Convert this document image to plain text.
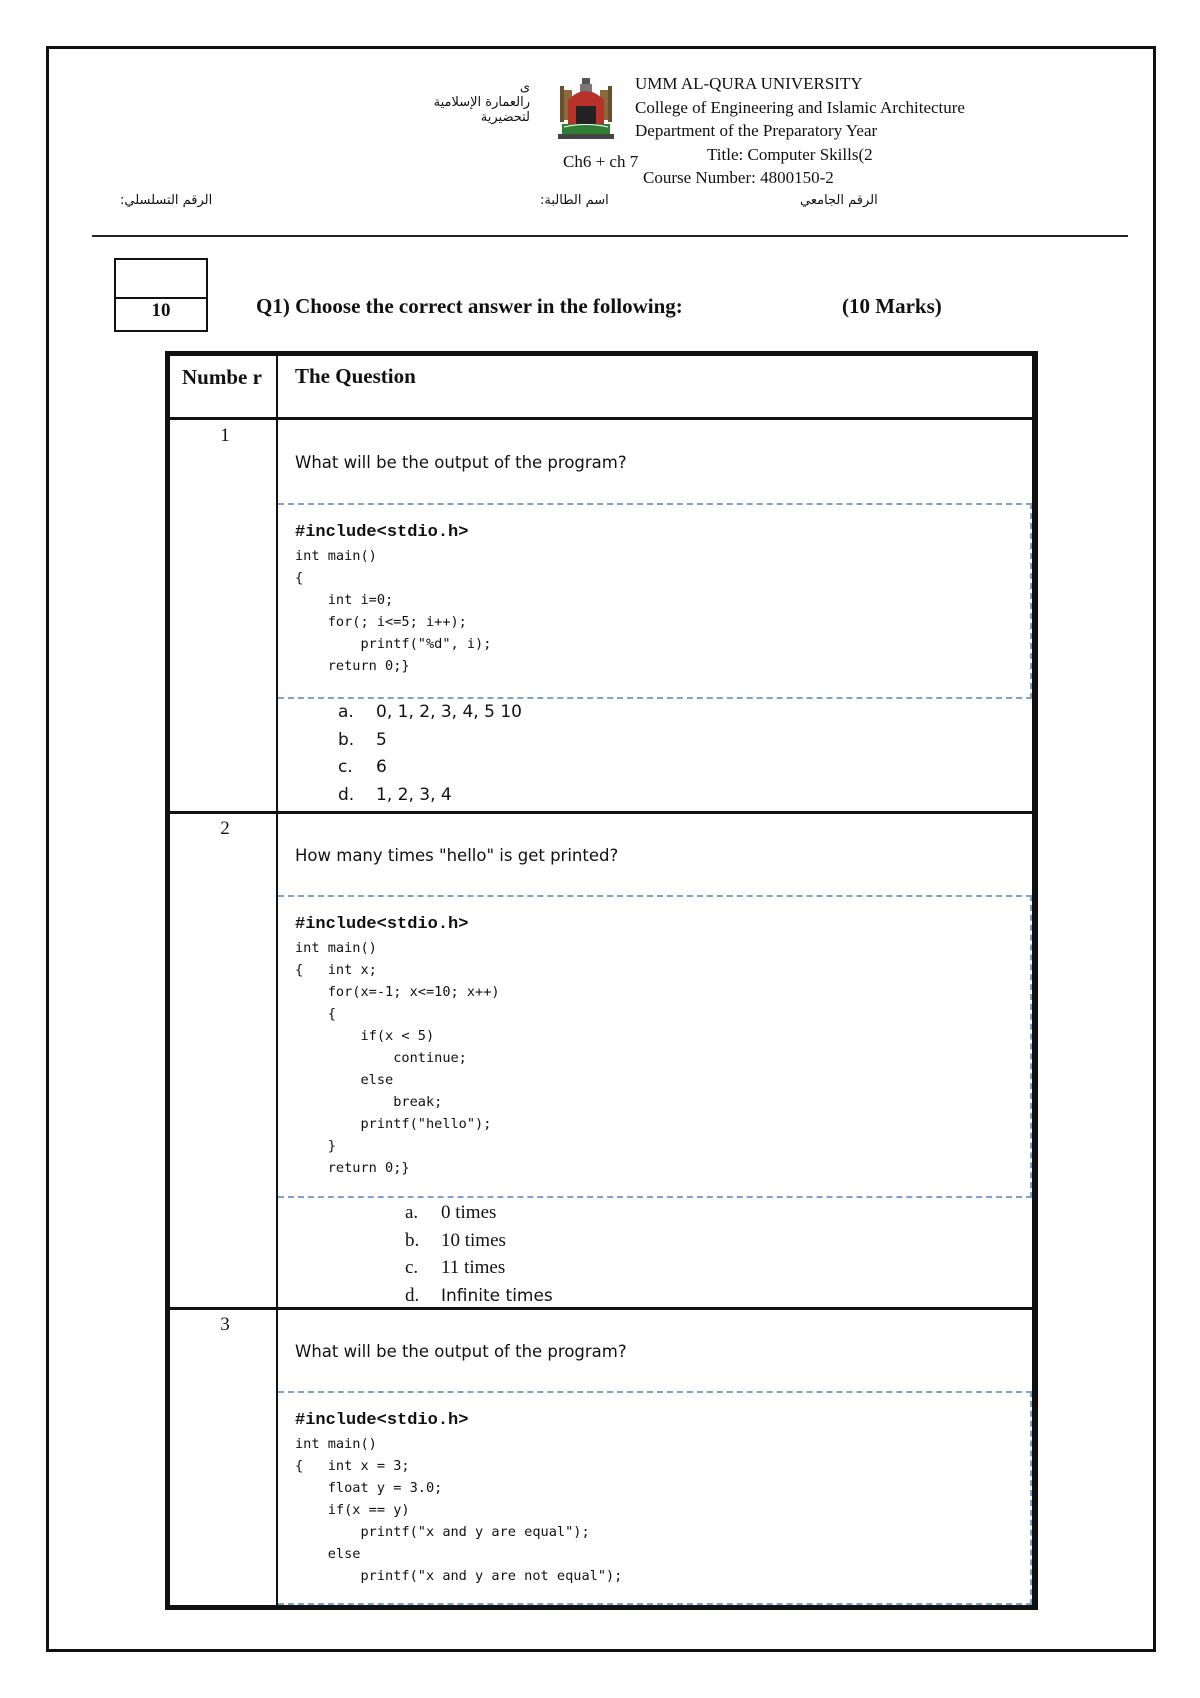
ى
رالعمارة الإسلامية
لتحضيرية
UMM AL-QURA UNIVERSITY
College of Engineering and Islamic Architecture
Department of the Preparatory Year
Title: Computer Skills(2
Course Number: 4800150-2
Ch6 + ch 7
الرقم التسلسلي:	اسم الطالبة:	الرقم الجامعي
10	Q1) Choose the correct answer in the following:	(10 Marks)
Numbe r The Question
1
What will be the output of the program?
#include<stdio.h>
int main()
{
int i=0;
for(; i<=5; i++);
printf("%d", i);
return 0;}
a. 0, 1, 2, 3, 4, 5 10
b. 5
c. 6
d. 1, 2, 3, 4
2
How many times "hello" is get printed?
#include<stdio.h>
int main()
{   int x;
for(x=-1; x<=10; x++)
{
if(x < 5)
continue;
else
break;
printf("hello");
}
return 0;}
a. 0 times
b. 10 times
c. 11 times
d. Infinite times
3
What will be the output of the program?
#include<stdio.h>
int main()
{   int x = 3;
float y = 3.0;
if(x == y)
printf("x and y are equal");
else
printf("x and y are not equal");
